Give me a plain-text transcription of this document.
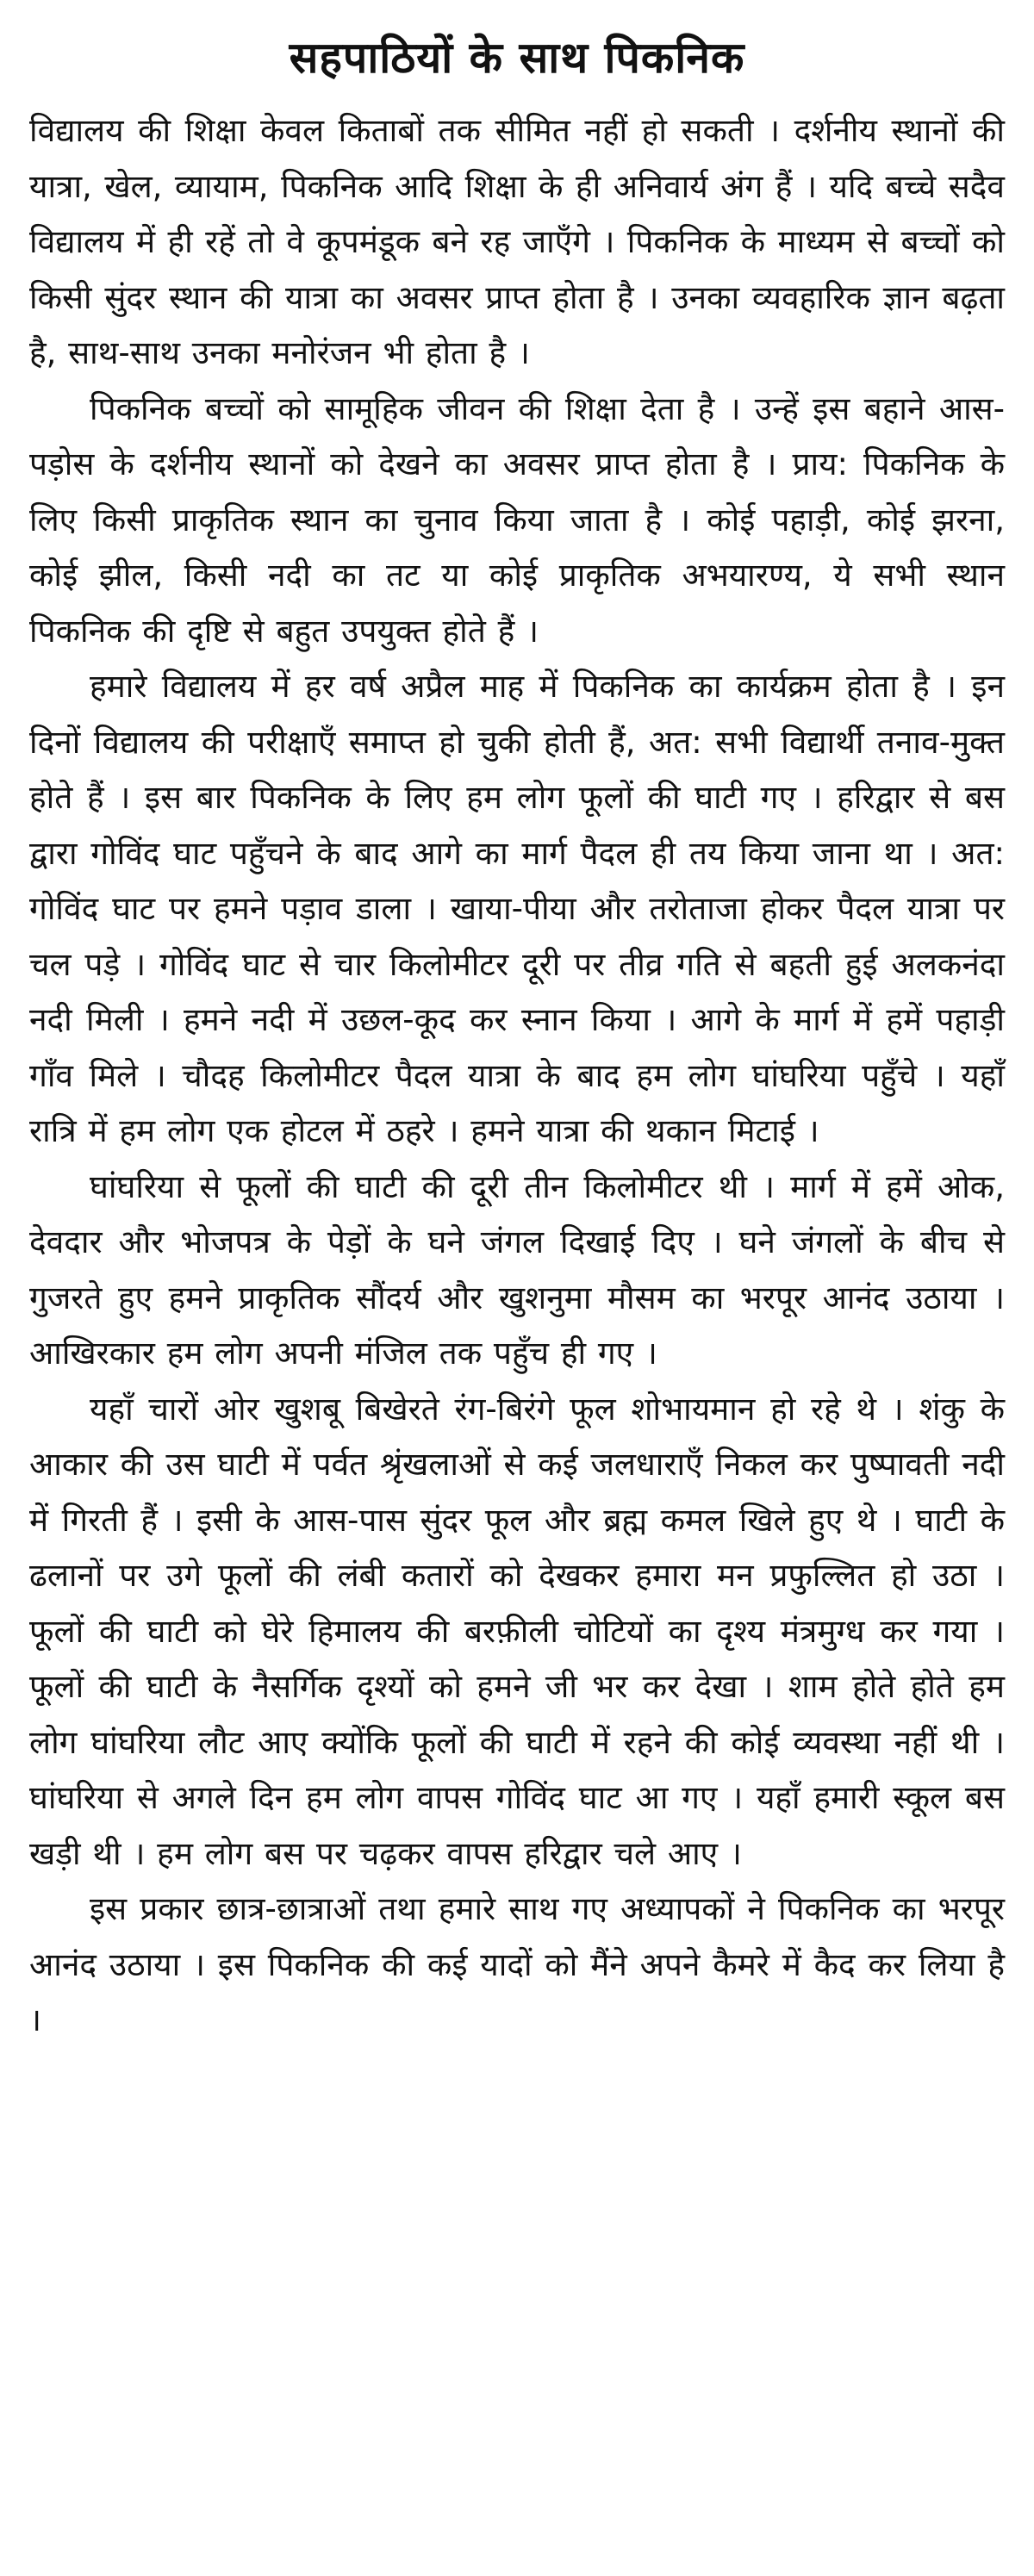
सहपाठियों के साथ पिकनिक

विद्यालय की शिक्षा केवल किताबों तक सीमित नहीं हो सकती । दर्शनीय स्थानों की यात्रा, खेल, व्यायाम, पिकनिक आदि शिक्षा के ही अनिवार्य अंग हैं । यदि बच्चे सदैव विद्यालय में ही रहें तो वे कूपमंडूक बने रह जाएँगे । पिकनिक के माध्यम से बच्चों को किसी सुंदर स्थान की यात्रा का अवसर प्राप्त होता है । उनका व्यवहारिक ज्ञान बढ़ता है, साथ-साथ उनका मनोरंजन भी होता है ।

पिकनिक बच्चों को सामूहिक जीवन की शिक्षा देता है । उन्हें इस बहाने आस-पड़ोस के दर्शनीय स्थानों को देखने का अवसर प्राप्त होता है । प्राय: पिकनिक के लिए किसी प्राकृतिक स्थान का चुनाव किया जाता है । कोई पहाड़ी, कोई झरना, कोई झील, किसी नदी का तट या कोई प्राकृतिक अभयारण्य, ये सभी स्थान पिकनिक की दृष्टि से बहुत उपयुक्त होते हैं ।

हमारे विद्यालय में हर वर्ष अप्रैल माह में पिकनिक का कार्यक्रम होता है । इन दिनों विद्यालय की परीक्षाएँ समाप्त हो चुकी होती हैं, अत: सभी विद्यार्थी तनाव-मुक्त होते हैं । इस बार पिकनिक के लिए हम लोग फूलों की घाटी गए । हरिद्वार से बस द्वारा गोविंद घाट पहुँचने के बाद आगे का मार्ग पैदल ही तय किया जाना था । अत: गोविंद घाट पर हमने पड़ाव डाला । खाया-पीया और तरोताजा होकर पैदल यात्रा पर चल पड़े । गोविंद घाट से चार किलोमीटर दूरी पर तीव्र गति से बहती हुई अलकनंदा नदी मिली । हमने नदी में उछल-कूद कर स्नान किया । आगे के मार्ग में हमें पहाड़ी गाँव मिले । चौदह किलोमीटर पैदल यात्रा के बाद हम लोग घांघरिया पहुँचे । यहाँ रात्रि में हम लोग एक होटल में ठहरे । हमने यात्रा की थकान मिटाई ।

घांघरिया से फूलों की घाटी की दूरी तीन किलोमीटर थी । मार्ग में हमें ओक, देवदार और भोजपत्र के पेड़ों के घने जंगल दिखाई दिए । घने जंगलों के बीच से गुजरते हुए हमने प्राकृतिक सौंदर्य और खुशनुमा मौसम का भरपूर आनंद उठाया । आखिरकार हम लोग अपनी मंजिल तक पहुँच ही गए ।

यहाँ चारों ओर खुशबू बिखेरते रंग-बिरंगे फूल शोभायमान हो रहे थे । शंकु के आकार की उस घाटी में पर्वत श्रृंखलाओं से कई जलधाराएँ निकल कर पुष्पावती नदी में गिरती हैं । इसी के आस-पास सुंदर फूल और ब्रह्म कमल खिले हुए थे । घाटी के ढलानों पर उगे फूलों की लंबी कतारों को देखकर हमारा मन प्रफुल्लित हो उठा । फूलों की घाटी को घेरे हिमालय की बरफ़ीली चोटियों का दृश्य मंत्रमुग्ध कर गया । फूलों की घाटी के नैसर्गिक दृश्यों को हमने जी भर कर देखा । शाम होते होते हम लोग घांघरिया लौट आए क्योंकि फूलों की घाटी में रहने की कोई व्यवस्था नहीं थी । घांघरिया से अगले दिन हम लोग वापस गोविंद घाट आ गए । यहाँ हमारी स्कूल बस खड़ी थी । हम लोग बस पर चढ़कर वापस हरिद्वार चले आए ।

इस प्रकार छात्र-छात्राओं तथा हमारे साथ गए अध्यापकों ने पिकनिक का भरपूर आनंद उठाया । इस पिकनिक की कई यादों को मैंने अपने कैमरे में कैद कर लिया है ।
